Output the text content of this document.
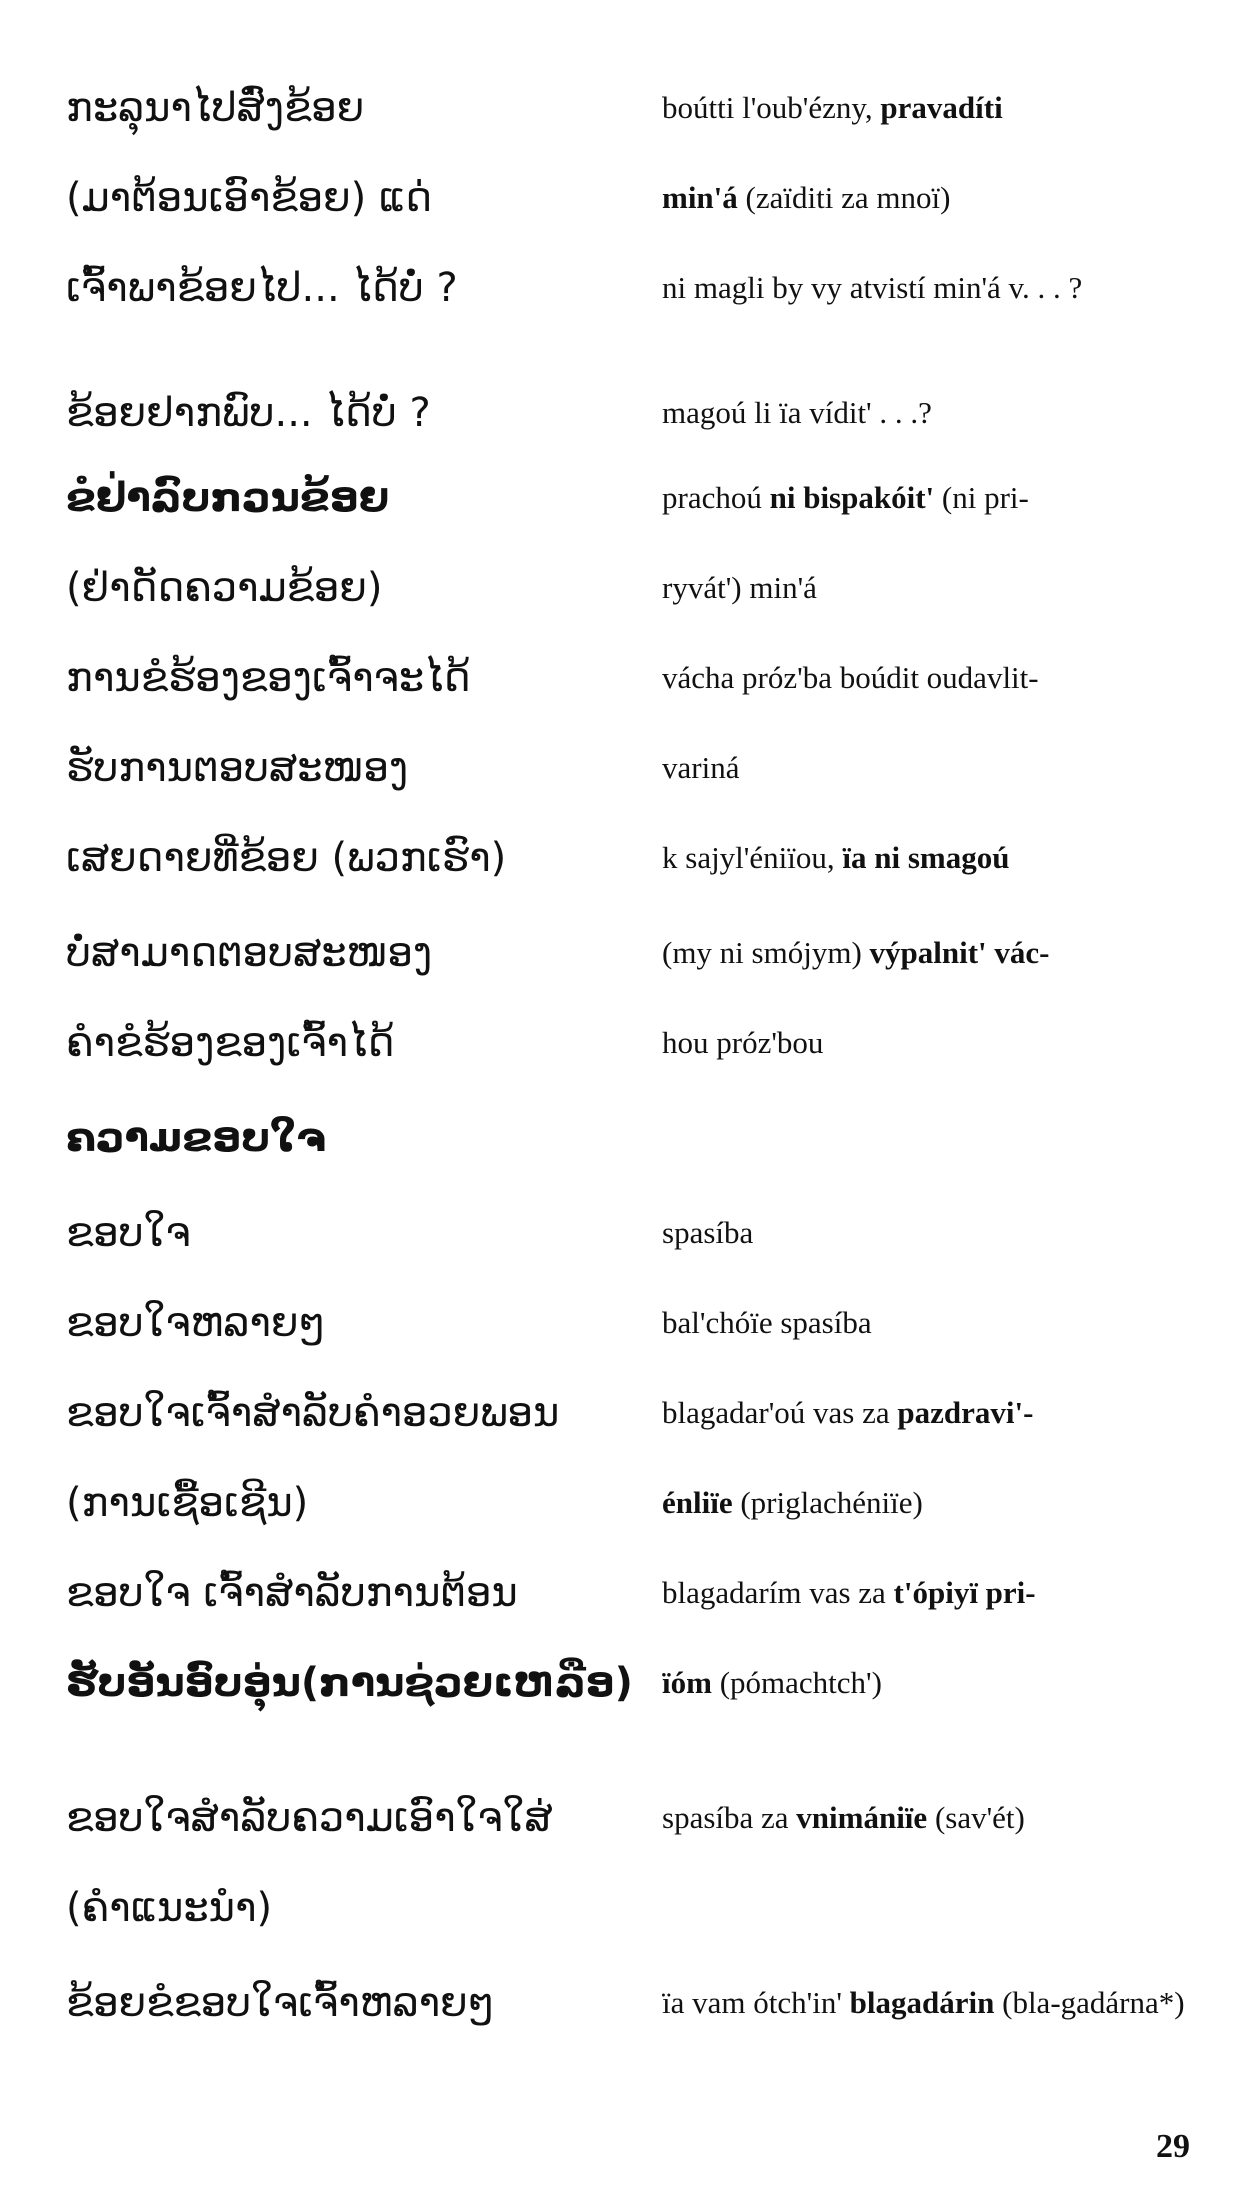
ກະລຸນາໄປສົ່ງຂ້ອຍ	boútti l'oub'ézny, pravadíti
(ມາຕ້ອນເອົາຂ້ອຍ) ແດ່	min'á (zaïditi za mnoï)
ເຈົ້າພາຂ້ອຍໄປ... ໄດ້ບໍ່ ?	ni magli by vy atvistí min'á v. . . ?
ຂ້ອຍຢາກພົບ... ໄດ້ບໍ່ ?	magoú li ïa vídit' . . .?
ຂໍຢ່າລົບກວນຂ້ອຍ	prachoú ni bispakóit' (ni pri-
(ຢ່າດັດຄວາມຂ້ອຍ)	ryvát') min'á
ການຂໍຮ້ອງຂອງເຈົ້າຈະໄດ້	vácha próz'ba boúdit oudavlit-
ຮັບການຕອບສະໜອງ	variná
ເສຍດາຍທີ່ຂ້ອຍ (ພວກເຮົາ)	k sajyl'éniïou, ïa ni smagoú
ບໍ່ສາມາດຕອບສະໜອງ	(my ni smójym) výpalnit' vác-
ຄໍາຂໍຮ້ອງຂອງເຈົ້າໄດ້	hou próz'bou
ຄວາມຂອບໃຈ
ຂອບໃຈ	spasíba
ຂອບໃຈຫລາຍໆ	bal'chóïe spasíba
ຂອບໃຈເຈົ້າສໍາລັບຄໍາອວຍພອນ	blagadar'oú vas za pazdravi'-
(ການເຊື້ອເຊີນ)	énliïe (priglachéniïe)
ຂອບໃຈ ເຈົ້າສໍາລັບການຕ້ອນ	blagadarím vas za t'ópiyï pri-
ຮັບອັນອົບອຸ່ນ(ການຊ່ວຍເຫລືອ) ïóm (pómachtch')
ຂອບໃຈສໍາລັບຄວາມເອົາໃຈໃສ່	spasíba za vnimániïe (sav'ét)
(ຄໍາແນະນໍາ)
ຂ້ອຍຂໍຂອບໃຈເຈົ້າຫລາຍໆ	ïa vam ótch'in' blagadárin (bla-gadárna*)
29
